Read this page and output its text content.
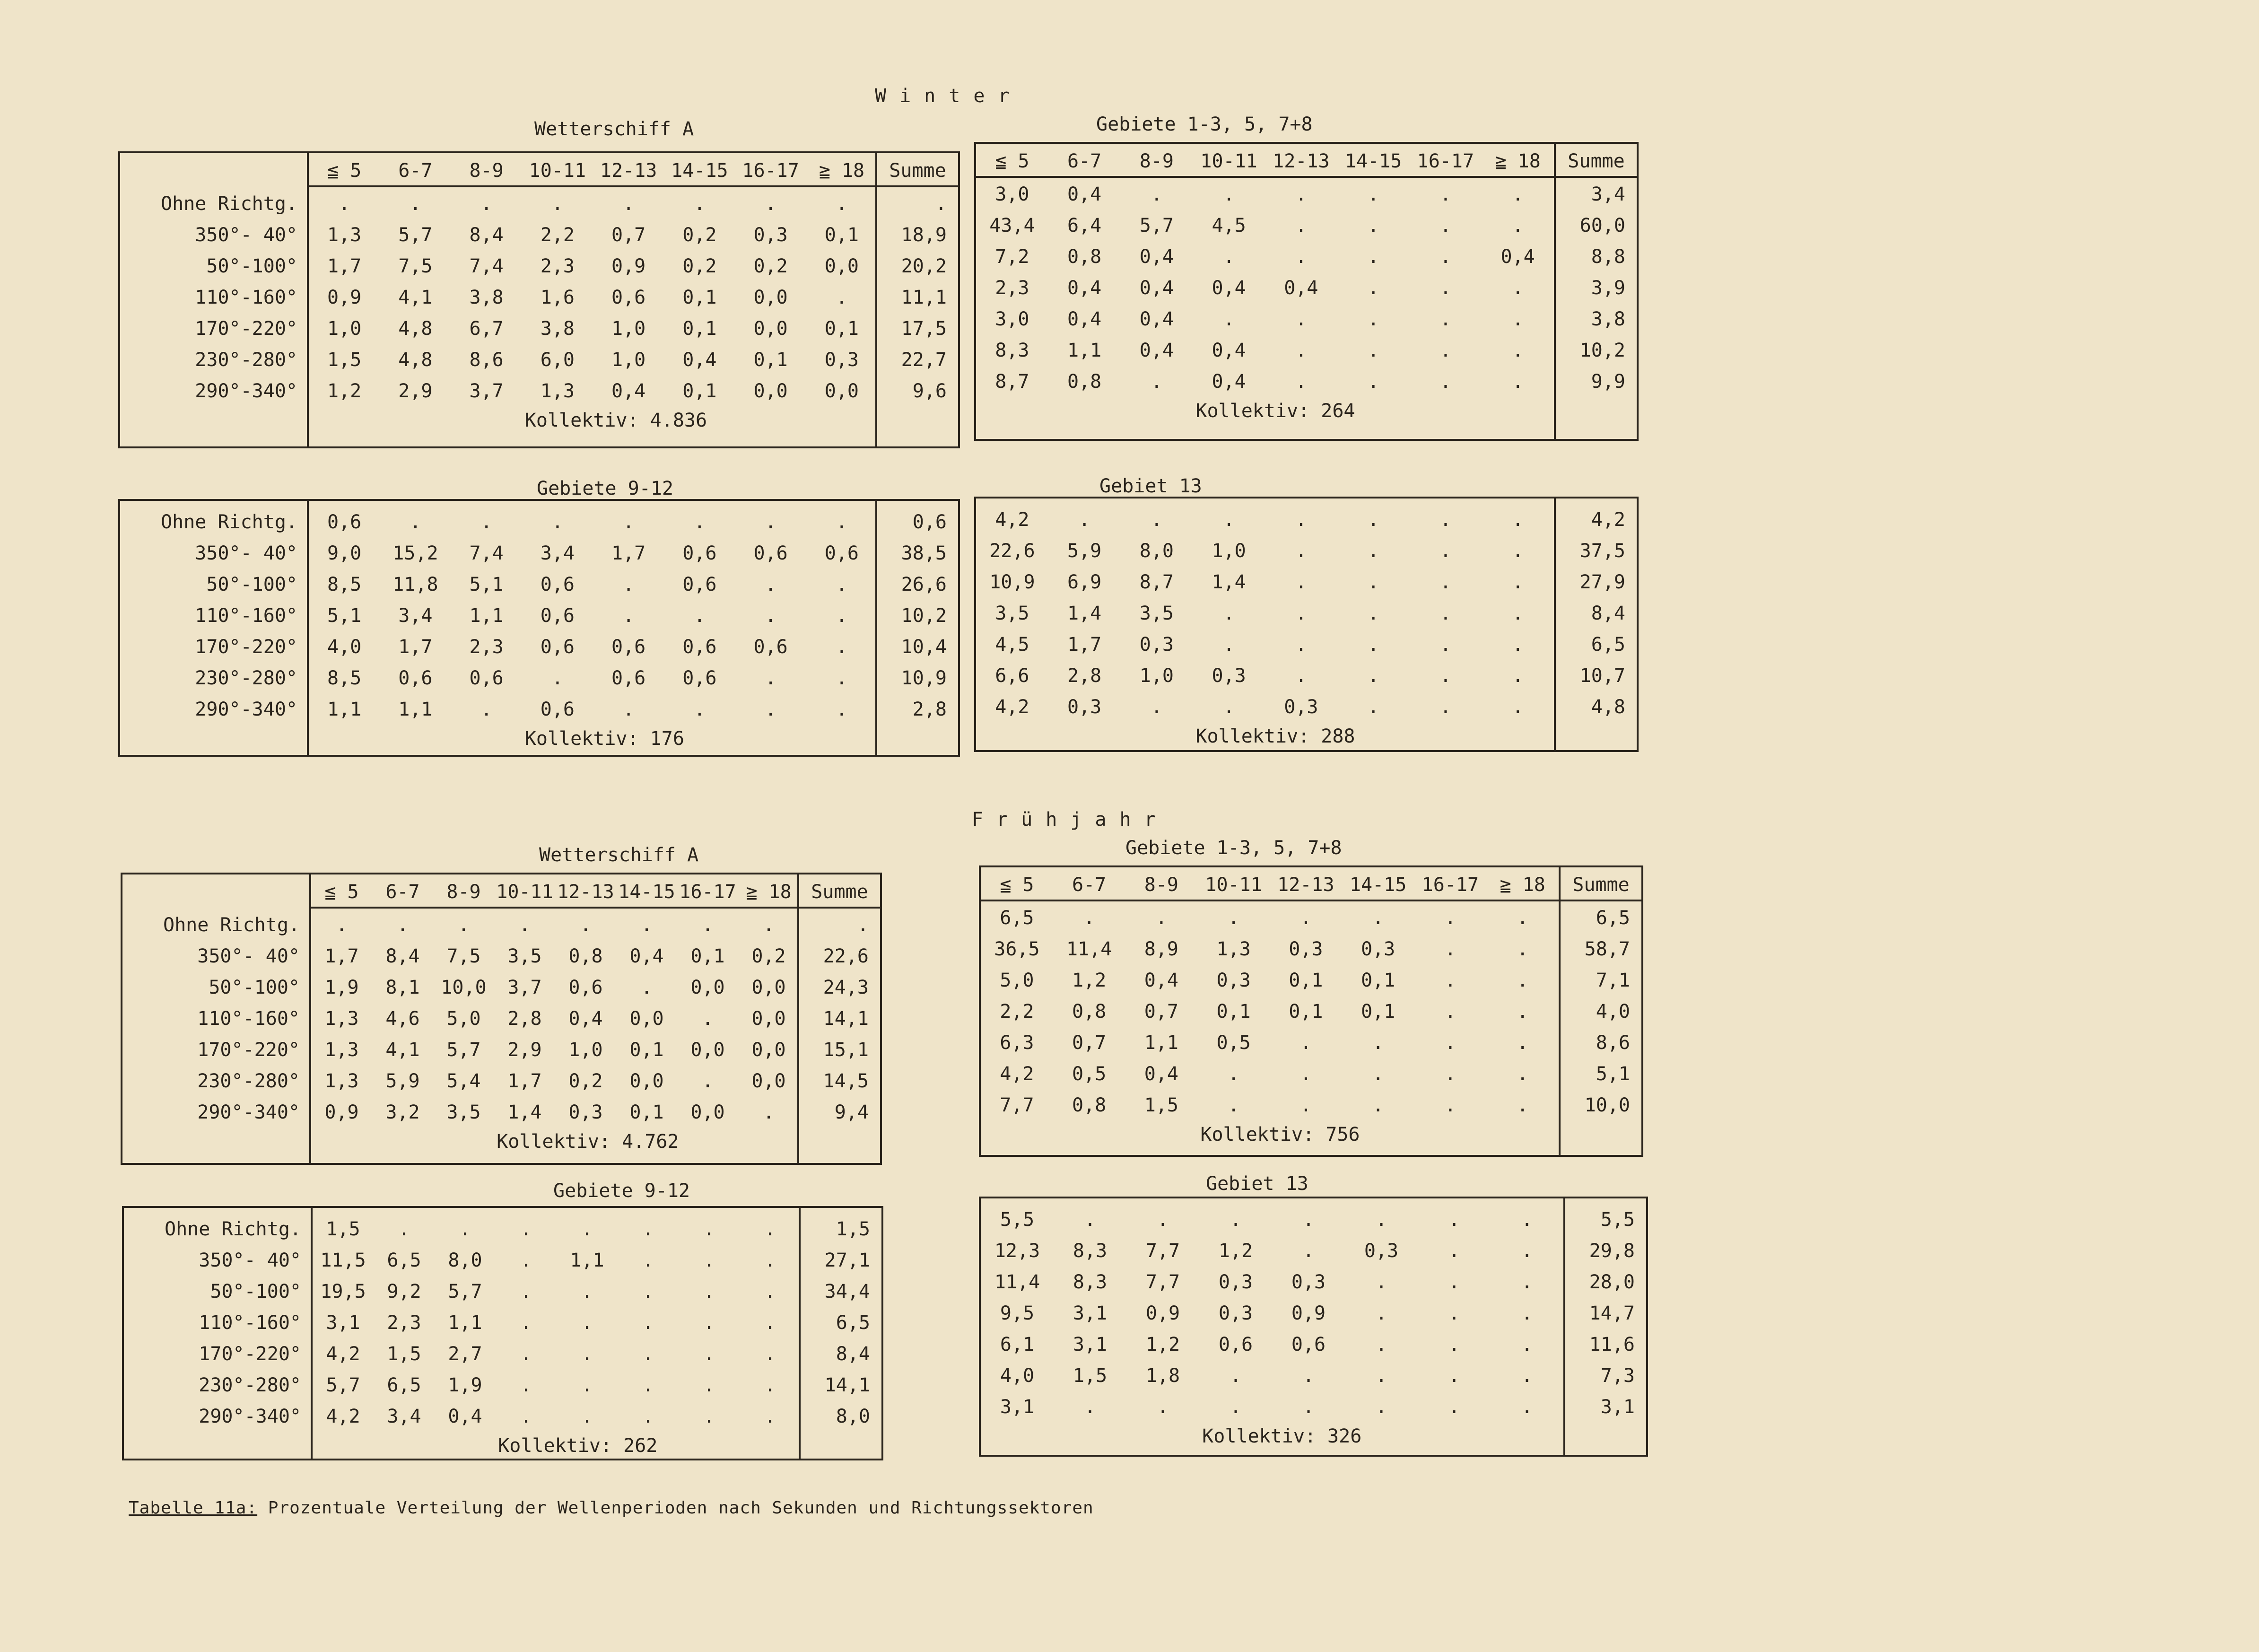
Winter
Wetterschiff A
≦ 5	6-7	8-9	10-11 12-13 14-15 16-17	≧ 18	Summe
Ohne Richtg.	.	.	.	.	.	.	.	.	.
350°- 40°	1,3	5,7	8,4	2,2	0,7	0,2	0,3	0,1	18,9
50°-100°	1,7	7,5	7,4	2,3	0,9	0,2	0,2	0,0	20,2
110°-160°	0,9	4,1	3,8	1,6	0,6	0,1	0,0	.	11,1
170°-220°	1,0	4,8	6,7	3,8	1,0	0,1	0,0	0,1	17,5
230°-280°	1,5	4,8	8,6	6,0	1,0	0,4	0,1	0,3	22,7
290°-340°	1,2	2,9	3,7	1,3	0,4	0,1	0,0	0,0	9,6
Kollektiv: 4.836
Gebiete 1-3, 5, 7+8
≦ 5	6-7	8-9	10-11 12-13 14-15 16-17	≧ 18	Summe
3,0	0,4	.	.	.	.	.	.	3,4
43,4	6,4	5,7	4,5	.	.	.	.	60,0
7,2	0,8	0,4	.	.	.	.	0,4	8,8
2,3	0,4	0,4	0,4	0,4	.	.	.	3,9
3,0	0,4	0,4	.	.	.	.	.	3,8
8,3	1,1	0,4	0,4	.	.	.	.	10,2
8,7	0,8	.	0,4	.	.	.	.	9,9
Kollektiv: 264
Gebiete 9-12
Ohne Richtg.	0,6	.	.	.	.	.	.	.	0,6
350°- 40°	9,0	15,2	7,4	3,4	1,7	0,6	0,6	0,6	38,5
50°-100°	8,5	11,8	5,1	0,6	.	0,6	.	.	26,6
110°-160°	5,1	3,4	1,1	0,6	.	.	.	.	10,2
170°-220°	4,0	1,7	2,3	0,6	0,6	0,6	0,6	.	10,4
230°-280°	8,5	0,6	0,6	.	0,6	0,6	.	.	10,9
290°-340°	1,1	1,1	.	0,6	.	.	.	.	2,8
Kollektiv: 176
Gebiet 13
4,2	.	.	.	.	.	.	.	4,2
22,6	5,9	8,0	1,0	.	.	.	.	37,5
10,9	6,9	8,7	1,4	.	.	.	.	27,9
3,5	1,4	3,5	.	.	.	.	.	8,4
4,5	1,7	0,3	.	.	.	.	.	6,5
6,6	2,8	1,0	0,3	.	.	.	.	10,7
4,2	0,3	.	.	0,3	.	.	.	4,8
Kollektiv: 288
Frühjahr
Wetterschiff A
≦ 5	6-7	8-9 10-11 12-13 14-15 16-17 ≧ 18	Summe
Ohne Richtg.	.	.	.	.	.	.	.	.	.
350°- 40°	1,7	8,4	7,5	3,5	0,8	0,4	0,1	0,2	22,6
50°-100°	1,9	8,1	10,0	3,7	0,6	.	0,0	0,0	24,3
110°-160°	1,3	4,6	5,0	2,8	0,4	0,0	.	0,0	14,1
170°-220°	1,3	4,1	5,7	2,9	1,0	0,1	0,0	0,0	15,1
230°-280°	1,3	5,9	5,4	1,7	0,2	0,0	.	0,0	14,5
290°-340°	0,9	3,2	3,5	1,4	0,3	0,1	0,0	.	9,4
Kollektiv: 4.762
Gebiete 1-3, 5, 7+8
≦ 5	6-7	8-9	10-11 12-13 14-15 16-17	≧ 18	Summe
6,5	.	.	.	.	.	.	.	6,5
36,5	11,4	8,9	1,3	0,3	0,3	.	.	58,7
5,0	1,2	0,4	0,3	0,1	0,1	.	.	7,1
2,2	0,8	0,7	0,1	0,1	0,1	.	.	4,0
6,3	0,7	1,1	0,5	.	.	.	.	8,6
4,2	0,5	0,4	.	.	.	.	.	5,1
7,7	0,8	1,5	.	.	.	.	.	10,0
Kollektiv: 756
Gebiete 9-12
Ohne Richtg.	1,5	.	.	.	.	.	.	.	1,5
350°- 40°	11,5	6,5	8,0	.	1,1	.	.	.	27,1
50°-100°	19,5	9,2	5,7	.	.	.	.	.	34,4
110°-160°	3,1	2,3	1,1	.	.	.	.	.	6,5
170°-220°	4,2	1,5	2,7	.	.	.	.	.	8,4
230°-280°	5,7	6,5	1,9	.	.	.	.	.	14,1
290°-340°	4,2	3,4	0,4	.	.	.	.	.	8,0
Kollektiv: 262
Gebiet 13
5,5	.	.	.	.	.	.	.	5,5
12,3	8,3	7,7	1,2	.	0,3	.	.	29,8
11,4	8,3	7,7	0,3	0,3	.	.	.	28,0
9,5	3,1	0,9	0,3	0,9	.	.	.	14,7
6,1	3,1	1,2	0,6	0,6	.	.	.	11,6
4,0	1,5	1,8	.	.	.	.	.	7,3
3,1	.	.	.	.	.	.	.	3,1
Kollektiv: 326
Tabelle 11a: Prozentuale Verteilung der Wellenperioden nach Sekunden und Richtungssektoren
